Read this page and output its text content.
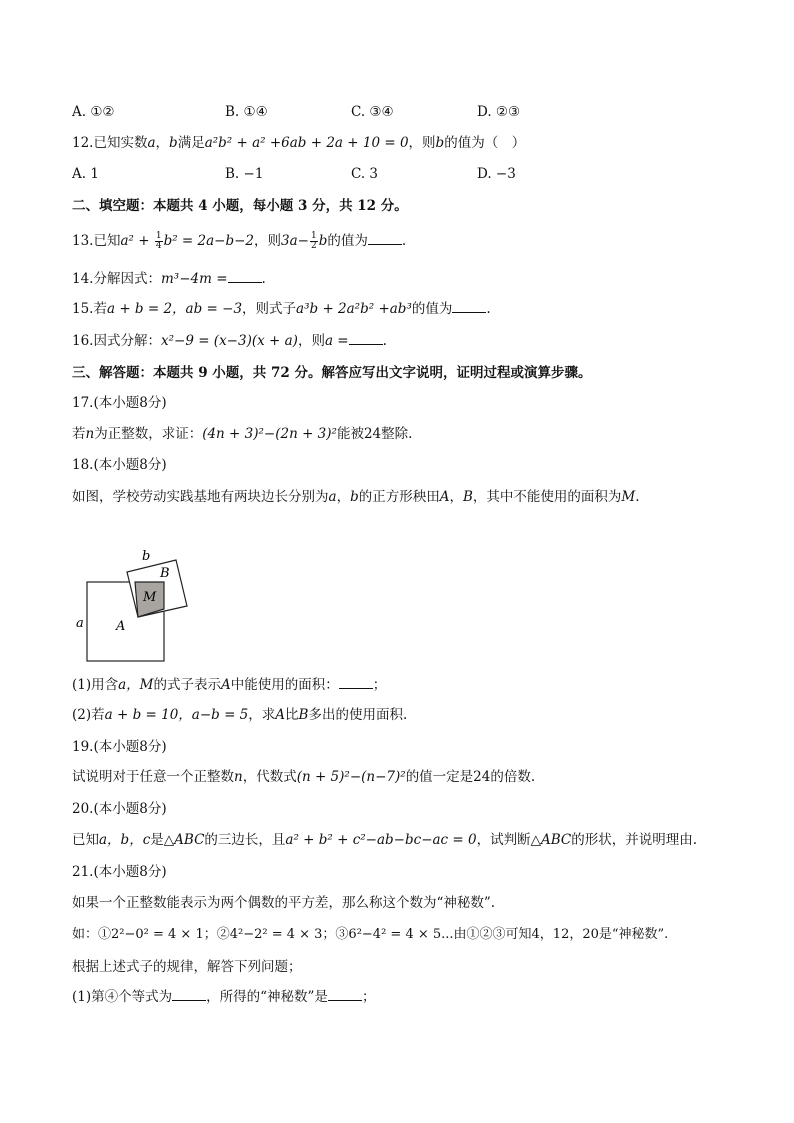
A. ①②	B. ①④	C. ③④	D. ②③
12.已知实数a，b满足a²b² + a² +6ab + 2a + 10 = 0，则b的值为（　）
A. 1	B. −1	C. 3	D. −3
二、填空题：本题共 4 小题，每小题 3 分，共 12 分。
13.已知$a^2 + \frac{1}{4} b^2 = 2a-b-2$，则$3a- \frac{1}{2}$ b的值为	.
14.分解因式：m³−4m =	.
15.若a + b = 2，ab = −3，则式子a³b + 2a²b² +ab³的值为	.
16.因式分解：x²−9 = (x−3)(x + a)，则a =	.
三、解答题：本题共 9 小题，共 72 分。解答应写出文字说明，证明过程或演算步骤。
17.(本小题8分)
若n为正整数，求证：(4n + 3)²−(2n + 3)²能被24整除.
18.(本小题8分)
如图，学校劳动实践基地有两块边长分别为a，b的正方形秧田A，B，其中不能使用的面积为M.
a
b
A
B
M
(1)用含a，M的式子表示A中能使用的面积：	；
(2)若a + b = 10，a−b = 5，求A比B多出的使用面积.
19.(本小题8分)
试说明对于任意一个正整数n，代数式(n + 5)²−(n−7)²的值一定是24的倍数.
20.(本小题8分)
已知a，b，c是△ABC的三边长，且a² + b² + c²−ab−bc−ac = 0，试判断△ABC的形状，并说明理由.
21.(本小题8分)
如果一个正整数能表示为两个偶数的平方差，那么称这个数为“神秘数”.
如：①2²−0² = 4 × 1；②4²−2² = 4 × 3；③6²−4² = 4 × 5...由①②③可知4，12，20是“神秘数”.
根据上述式子的规律，解答下列问题；
(1)第④个等式为	，所得的“神秘数”是	；
